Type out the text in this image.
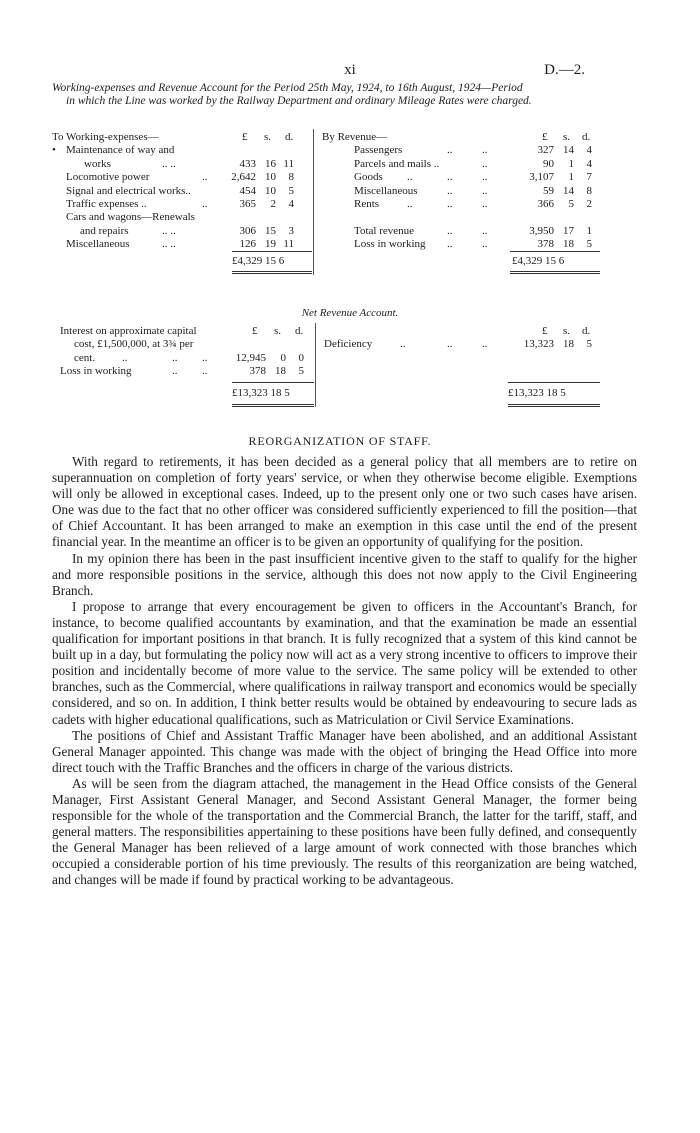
xi	D.—2.
Working-expenses and Revenue Account for the Period 25th May, 1924, to 16th August, 1924—Period
in which the Line was worked by the Railway Department and ordinary Mileage Rates were charged.
To Working-expenses—	£ s. d.
• Maintenance of way and
works	.. ..	433 16 11
Locomotive power	.. 2,642 10 8
Signal and electrical works..	454 10 5
Traffic expenses ..	..	365 2 4
Cars and wagons—Renewals
and repairs	.. ..	306 15 3
Miscellaneous	.. ..	126 19 11
£4,329 15 6
By Revenue—	£ s. d.
Passengers	..	..	327 14 4
Parcels and mails ..	..	90 1 4
Goods ..	..	..	3,107 1 7
Miscellaneous	..	..	59 14 8
Rents	..	..	..	366 5 2
Total revenue	..	..	3,950 17 1
Loss in working ..	..	378 18 5
£4,329 15 6
Net Revenue Account.
Interest on approximate capital	£ s. d.
cost, £1,500,000, at 3¾ per
cent. ..	.. ..	12,945 0 0
Loss in working	.. ..	378 18 5
£13,323 18 5
£ s. d.
Deficiency	..	..	..	13,323 18 5
£13,323 18 5
REORGANIZATION OF STAFF.

With regard to retirements, it has been decided as a general policy that all members are to retire on superannuation on completion of forty years' service, or when they otherwise become eligible. Exemptions will only be allowed in exceptional cases. Indeed, up to the present only one or two such cases have arisen. One was due to the fact that no other officer was considered sufficiently experienced to fill the position—that of Chief Accountant. It has been arranged to make an exemption in this case until the end of the present financial year. In the meantime an officer is to be given an opportunity of qualifying for the position.

In my opinion there has been in the past insufficient incentive given to the staff to qualify for the higher and more responsible positions in the service, although this does not now apply to the Civil Engineering Branch.

I propose to arrange that every encouragement be given to officers in the Accountant's Branch, for instance, to become qualified accountants by examination, and that the examination be made an essential qualification for important positions in that branch. It is fully recognized that a system of this kind cannot be built up in a day, but formulating the policy now will act as a very strong incentive to officers to improve their position and incidentally become of more value to the service. The same policy will be extended to other branches, such as the Commercial, where qualifications in railway transport and economics would be specially considered, and so on. In addition, I think better results would be obtained by endeavouring to secure lads as cadets with higher educational qualifications, such as Matriculation or Civil Service Examinations.

The positions of Chief and Assistant Traffic Manager have been abolished, and an additional Assistant General Manager appointed. This change was made with the object of bringing the Head Office into more direct touch with the Traffic Branches and the officers in charge of the various districts.

As will be seen from the diagram attached, the management in the Head Office consists of the General Manager, First Assistant General Manager, and Second Assistant General Manager, the former being responsible for the whole of the transportation and the Commercial Branch, the latter for the tariff, staff, and general matters. The responsibilities appertaining to these positions have been fully defined, and consequently the General Manager has been relieved of a large amount of work connected with those branches which occupied a considerable portion of his time previously. The results of this reorganization are being watched, and changes will be made if found by practical working to be advantageous.
